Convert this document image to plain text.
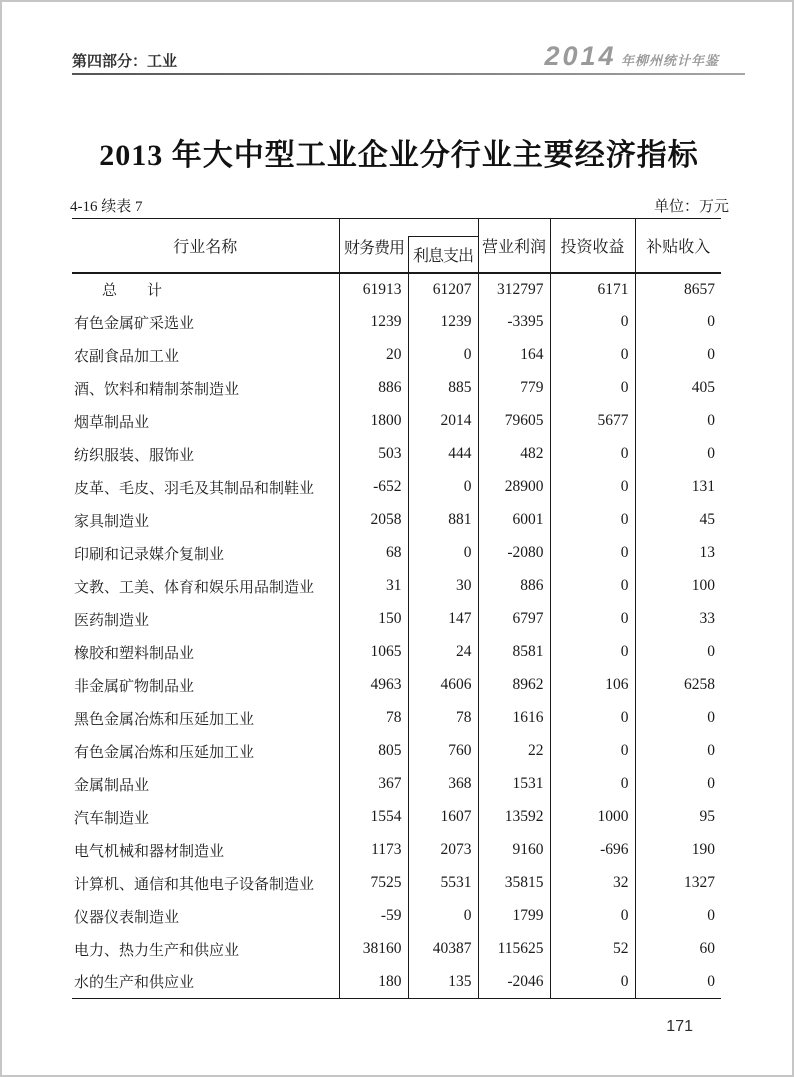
第四部分：工业	2014 年柳州统计年鉴
2013 年大中型工业企业分行业主要经济指标
4-16 续表 7	单位：万元
行业名称	财务费用 利息支出		营业利润	投资收益	补贴收入
总　　计	61913	61207	312797	6171	8657
有色金属矿采选业	1239	1239	-3395	0	0
农副食品加工业	20	0	164	0	0
酒、饮料和精制茶制造业	886	885	779	0	405
烟草制品业	1800	2014	79605	5677	0
纺织服装、服饰业	503	444	482	0	0
皮革、毛皮、羽毛及其制品和制鞋业	-652	0	28900	0	131
家具制造业	2058	881	6001	0	45
印刷和记录媒介复制业	68	0	-2080	0	13
文教、工美、体育和娱乐用品制造业	31	30	886	0	100
医药制造业	150	147	6797	0	33
橡胶和塑料制品业	1065	24	8581	0	0
非金属矿物制品业	4963	4606	8962	106	6258
黑色金属冶炼和压延加工业	78	78	1616	0	0
有色金属冶炼和压延加工业	805	760	22	0	0
金属制品业	367	368	1531	0	0
汽车制造业	1554	1607	13592	1000	95
电气机械和器材制造业	1173	2073	9160	-696	190
计算机、通信和其他电子设备制造业	7525	5531	35815	32	1327
仪器仪表制造业	-59	0	1799	0	0
电力、热力生产和供应业	38160	40387	115625	52	60
水的生产和供应业	180	135	-2046	0	0
171
